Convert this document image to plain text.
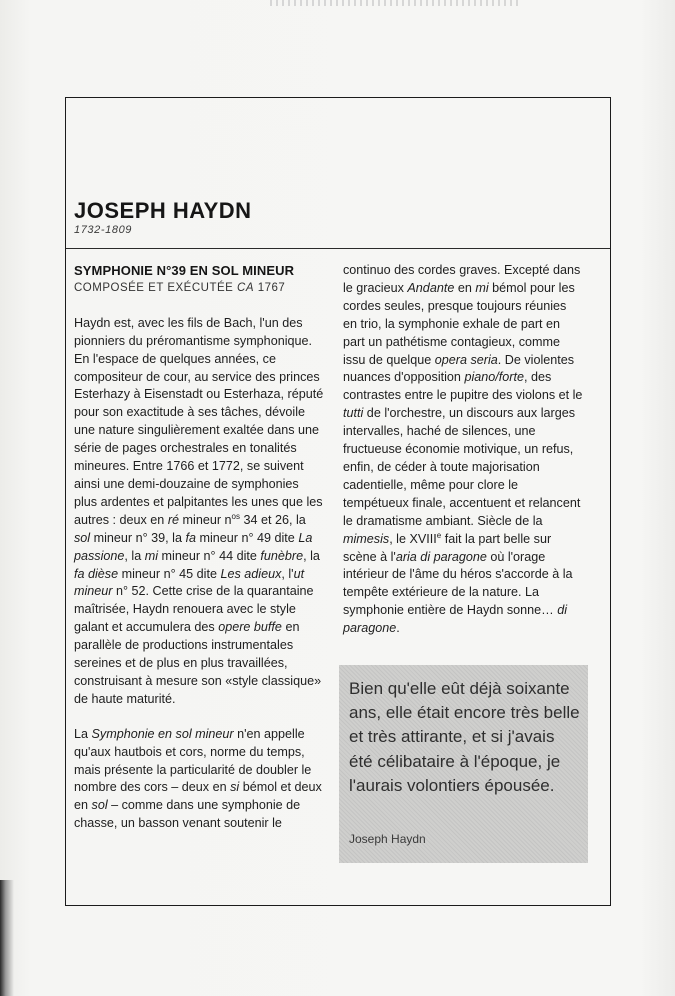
JOSEPH HAYDN
1732-1809

SYMPHONIE N°39 EN SOL MINEUR

COMPOSÉE ET EXÉCUTÉE CA 1767

Haydn est, avec les fils de Bach, l'un des pionniers du préromantisme symphonique. En l'espace de quelques années, ce compositeur de cour, au service des princes Esterhazy à Eisenstadt ou Esterhaza, réputé pour son exactitude à ses tâches, dévoile une nature singulièrement exaltée dans une série de pages orchestrales en tonalités mineures. Entre 1766 et 1772, se suivent ainsi une demi-douzaine de symphonies plus ardentes et palpitantes les unes que les autres : deux en ré mineur $n^{os}$ 34 et 26, la sol mineur n° 39, la fa mineur n° 49 dite La passione, la mi mineur n° 44 dite funèbre, la fa dièse mineur n° 45 dite Les adieux, l'ut mineur n° 52. Cette crise de la quarantaine maîtrisée, Haydn renouera avec le style galant et accumulera des opere buffe en parallèle de productions instrumentales sereines et de plus en plus travaillées, construisant à mesure son «style classique» de haute maturité.

La Symphonie en sol mineur n'en appelle qu'aux hautbois et cors, norme du temps, mais présente la particularité de doubler le nombre des cors – deux en si bémol et deux en sol – comme dans une symphonie de chasse, un basson venant soutenir le

continuo des cordes graves. Excepté dans le gracieux Andante en mi bémol pour les cordes seules, presque toujours réunies en trio, la symphonie exhale de part en part un pathétisme contagieux, comme issu de quelque opera seria. De violentes nuances d'opposition piano/forte, des contrastes entre le pupitre des violons et le tutti de l'orchestre, un discours aux larges intervalles, haché de silences, une fructueuse économie motivique, un refus, enfin, de céder à toute majorisation cadentielle, même pour clore le tempétueux finale, accentuent et relancent le dramatisme ambiant. Siècle de la mimesis, le XVIIIe fait la part belle sur scène à l'aria di paragone où l'orage intérieur de l'âme du héros s'accorde à la tempête extérieure de la nature. La symphonie entière de Haydn sonne… di paragone.

Bien qu'elle eût déjà soixante ans, elle était encore très belle et très attirante, et si j'avais été célibataire à l'époque, je l'aurais volontiers épousée.
Joseph Haydn
